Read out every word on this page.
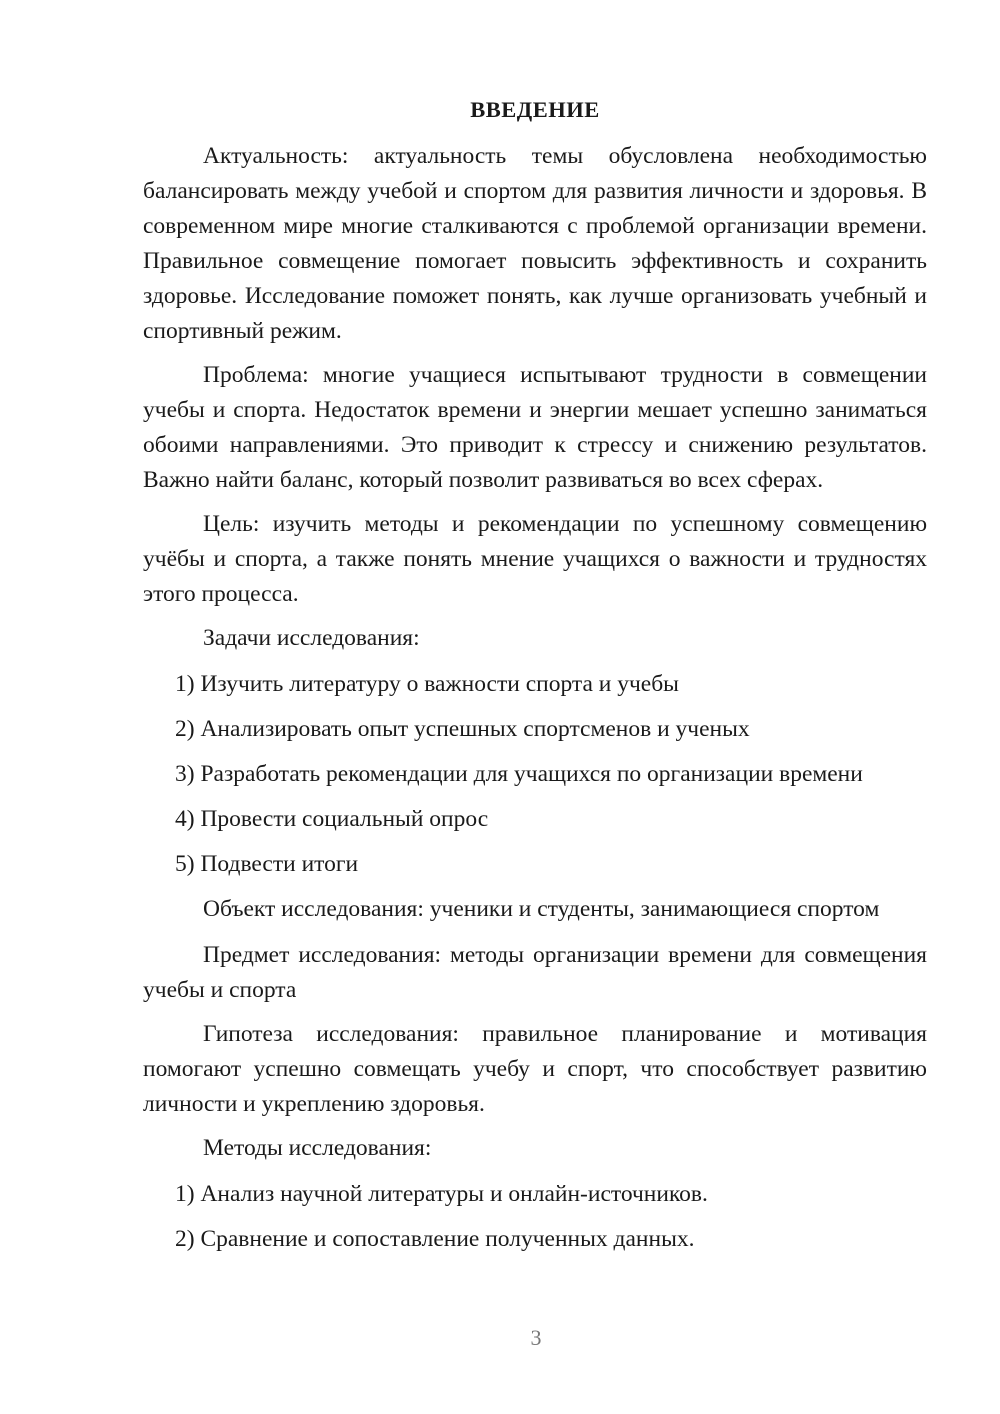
ВВЕДЕНИЕ

Актуальность: актуальность темы обусловлена необходимостью балансировать между учебой и спортом для развития личности и здоровья. В современном мире многие сталкиваются с проблемой организации времени. Правильное совмещение помогает повысить эффективность и сохранить здоровье. Исследование поможет понять, как лучше организовать учебный и спортивный режим.

Проблема: многие учащиеся испытывают трудности в совмещении учебы и спорта. Недостаток времени и энергии мешает успешно заниматься обоими направлениями. Это приводит к стрессу и снижению результатов. Важно найти баланс, который позволит развиваться во всех сферах.

Цель: изучить методы и рекомендации по успешному совмещению учёбы и спорта, а также понять мнение учащихся о важности и трудностях этого процесса.

Задачи исследования:

1) Изучить литературу о важности спорта и учебы
2) Анализировать опыт успешных спортсменов и ученых
3) Разработать рекомендации для учащихся по организации времени
4) Провести социальный опрос
5) Подвести итоги

Объект исследования: ученики и студенты, занимающиеся спортом

Предмет исследования: методы организации времени для совмещения учебы и спорта

Гипотеза исследования: правильное планирование и мотивация помогают успешно совмещать учебу и спорт, что способствует развитию личности и укреплению здоровья.

Методы исследования:

1) Анализ научной литературы и онлайн-источников.
2) Сравнение и сопоставление полученных данных.
3
